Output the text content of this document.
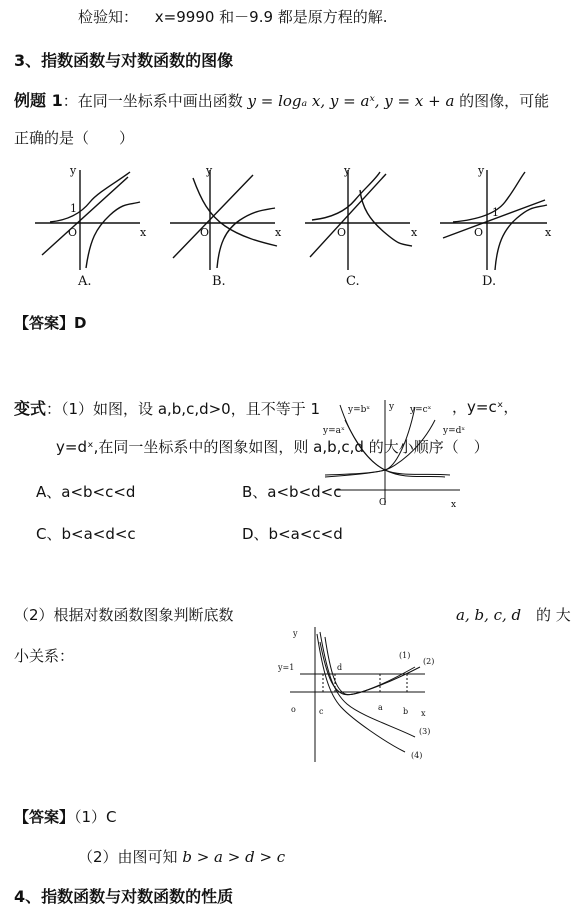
检验知： x=9990 和－9.9 都是原方程的解.
3、指数函数与对数函数的图像
例题 1：在同一坐标系中画出函数 y = logₐ x, y = aˣ, y = x + a 的图像，可能
正确的是（　　）
y
x
O
1
y
x
O
y
x
O
y
x
O
1
A.	B.	C.	D.
【答案】D
变式：（1）如图，设 a,b,c,d>0，且不等于 1	，y=cˣ，
y=dˣ,在同一坐标系中的图象如图，则 a,b,c,d 的大小顺序（　）
y=bˣ
y=aˣ
y=cˣ
y=dˣ
y
O	x
A、a<b<c<d	B、a<b<d<c
C、b<a<d<c	D、b<a<c<d
（2）根据对数函数图象判断底数	a, b, c, d 的 大
小关系：
y
y=1
o
d
c	a	b x
(1)
(2)
(3)
(4)
【答案】（1）C
（2）由图可知 b > a > d > c
4、指数函数与对数函数的性质
